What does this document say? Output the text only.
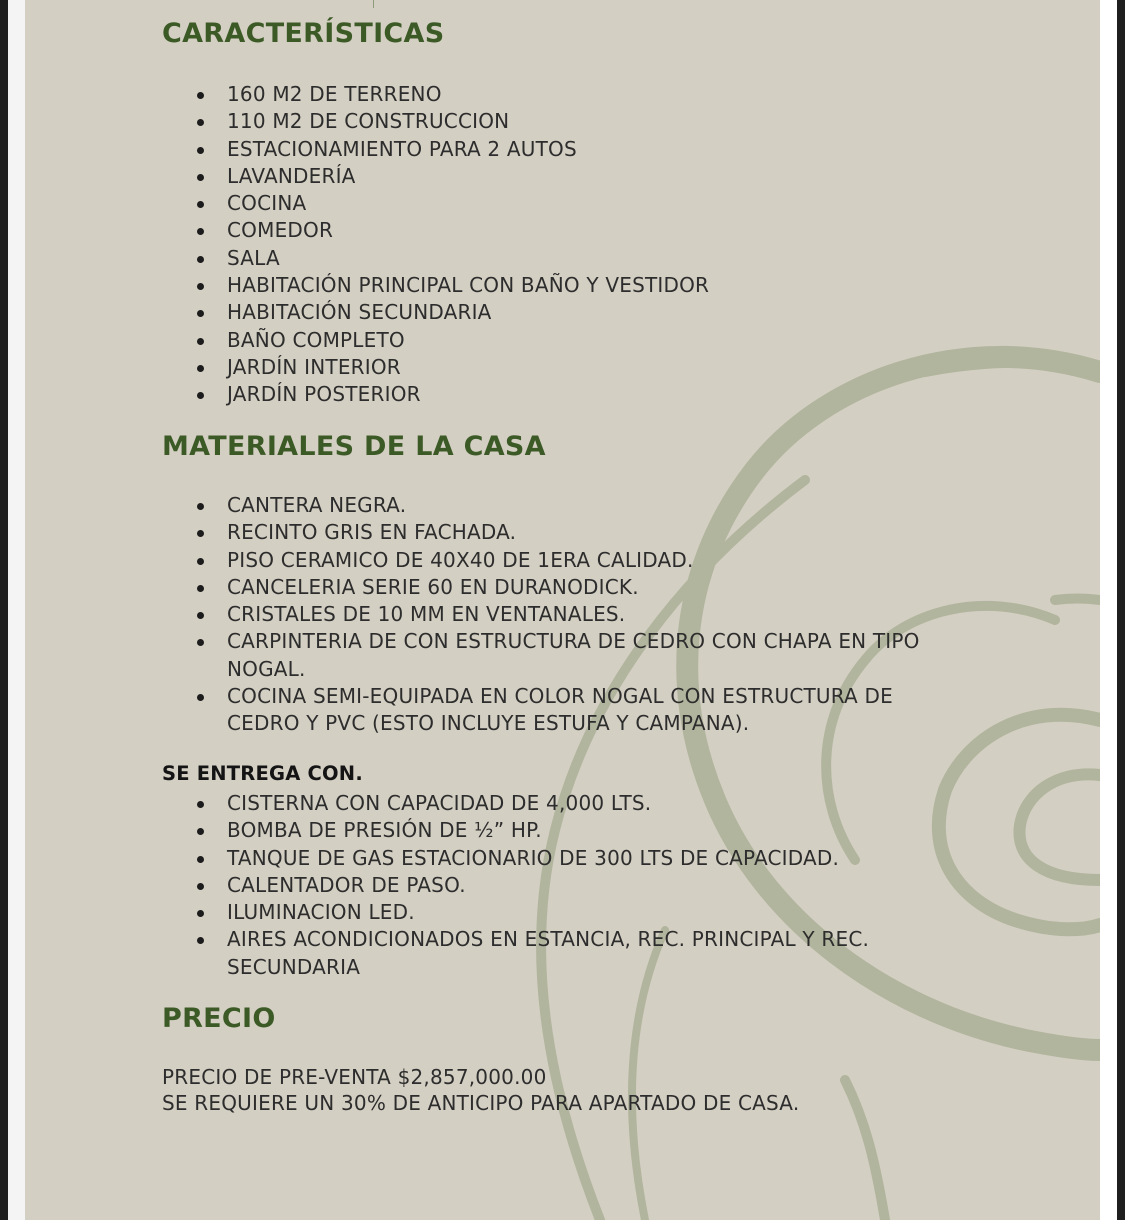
CARACTERÍSTICAS
160 M2 DE TERRENO
110 M2 DE CONSTRUCCION
ESTACIONAMIENTO PARA 2 AUTOS
LAVANDERÍA
COCINA
COMEDOR
SALA
HABITACIÓN PRINCIPAL CON BAÑO Y VESTIDOR
HABITACIÓN SECUNDARIA
BAÑO COMPLETO
JARDÍN INTERIOR
JARDÍN POSTERIOR
MATERIALES DE LA CASA
CANTERA NEGRA.
RECINTO GRIS EN FACHADA.
PISO CERAMICO DE 40X40 DE 1ERA CALIDAD.
CANCELERIA SERIE 60 EN DURANODICK.
CRISTALES DE 10 MM EN VENTANALES.
CARPINTERIA DE CON ESTRUCTURA DE CEDRO CON CHAPA EN TIPO NOGAL.
COCINA SEMI-EQUIPADA EN COLOR NOGAL CON ESTRUCTURA DE CEDRO Y PVC (ESTO INCLUYE ESTUFA Y CAMPANA).

SE ENTREGA CON.

CISTERNA CON CAPACIDAD DE 4,000 LTS.
BOMBA DE PRESIÓN DE ½” HP.
TANQUE DE GAS ESTACIONARIO DE 300 LTS DE CAPACIDAD.
CALENTADOR DE PASO.
ILUMINACION LED.
AIRES ACONDICIONADOS EN ESTANCIA, REC. PRINCIPAL Y REC. SECUNDARIA
PRECIO

PRECIO DE PRE-VENTA $2,857,000.00

SE REQUIERE UN 30% DE ANTICIPO PARA APARTADO DE CASA.
